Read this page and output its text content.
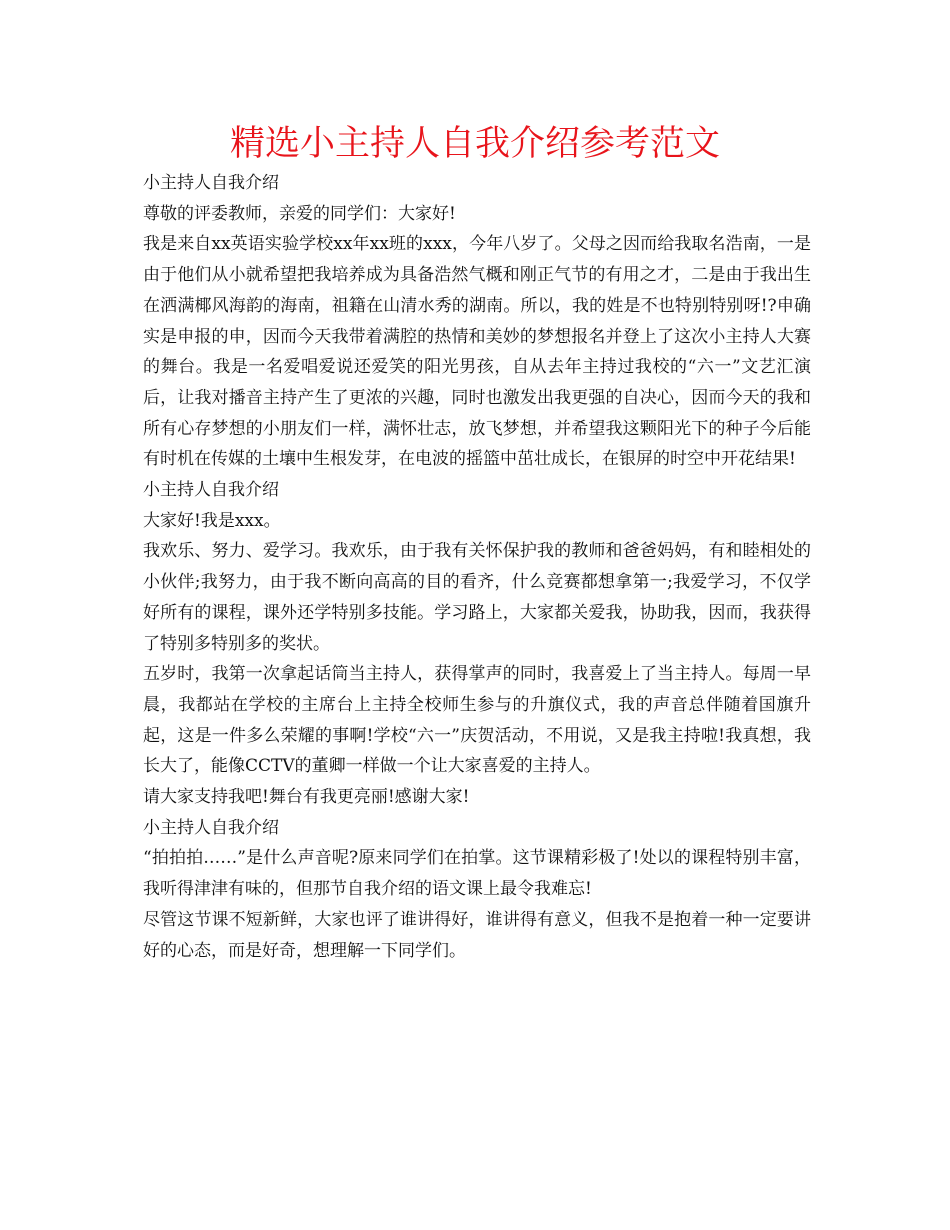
精选小主持人自我介绍参考范文

小主持人自我介绍

尊敬的评委教师，亲爱的同学们：大家好!

我是来自xx英语实验学校xx年xx班的xxx，今年八岁了。父母之因而给我取名浩南，一是由于他们从小就希望把我培养成为具备浩然气概和刚正气节的有用之才，二是由于我出生在洒满椰风海韵的海南，祖籍在山清水秀的湖南。所以，我的姓是不也特别特别呀!?申确实是申报的申，因而今天我带着满腔的热情和美妙的梦想报名并登上了这次小主持人大赛的舞台。我是一名爱唱爱说还爱笑的阳光男孩，自从去年主持过我校的“六一”文艺汇演后，让我对播音主持产生了更浓的兴趣，同时也激发出我更强的自决心，因而今天的我和所有心存梦想的小朋友们一样，满怀壮志，放飞梦想，并希望我这颗阳光下的种子今后能有时机在传媒的土壤中生根发芽，在电波的摇篮中茁壮成长，在银屏的时空中开花结果!

小主持人自我介绍

大家好!我是xxx。

我欢乐、努力、爱学习。我欢乐，由于我有关怀保护我的教师和爸爸妈妈，有和睦相处的小伙伴;我努力，由于我不断向高高的目的看齐，什么竞赛都想拿第一;我爱学习，不仅学好所有的课程，课外还学特别多技能。学习路上，大家都关爱我，协助我，因而，我获得了特别多特别多的奖状。

五岁时，我第一次拿起话筒当主持人，获得掌声的同时，我喜爱上了当主持人。每周一早晨，我都站在学校的主席台上主持全校师生参与的升旗仪式，我的声音总伴随着国旗升起，这是一件多么荣耀的事啊!学校“六一”庆贺活动，不用说，又是我主持啦!我真想，我长大了，能像CCTV的董卿一样做一个让大家喜爱的主持人。

请大家支持我吧!舞台有我更亮丽!感谢大家!

小主持人自我介绍

“拍拍拍……”是什么声音呢?原来同学们在拍掌。这节课精彩极了!处以的课程特别丰富，我听得津津有味的，但那节自我介绍的语文课上最令我难忘!

尽管这节课不短新鲜，大家也评了谁讲得好，谁讲得有意义，但我不是抱着一种一定要讲好的心态，而是好奇，想理解一下同学们。
